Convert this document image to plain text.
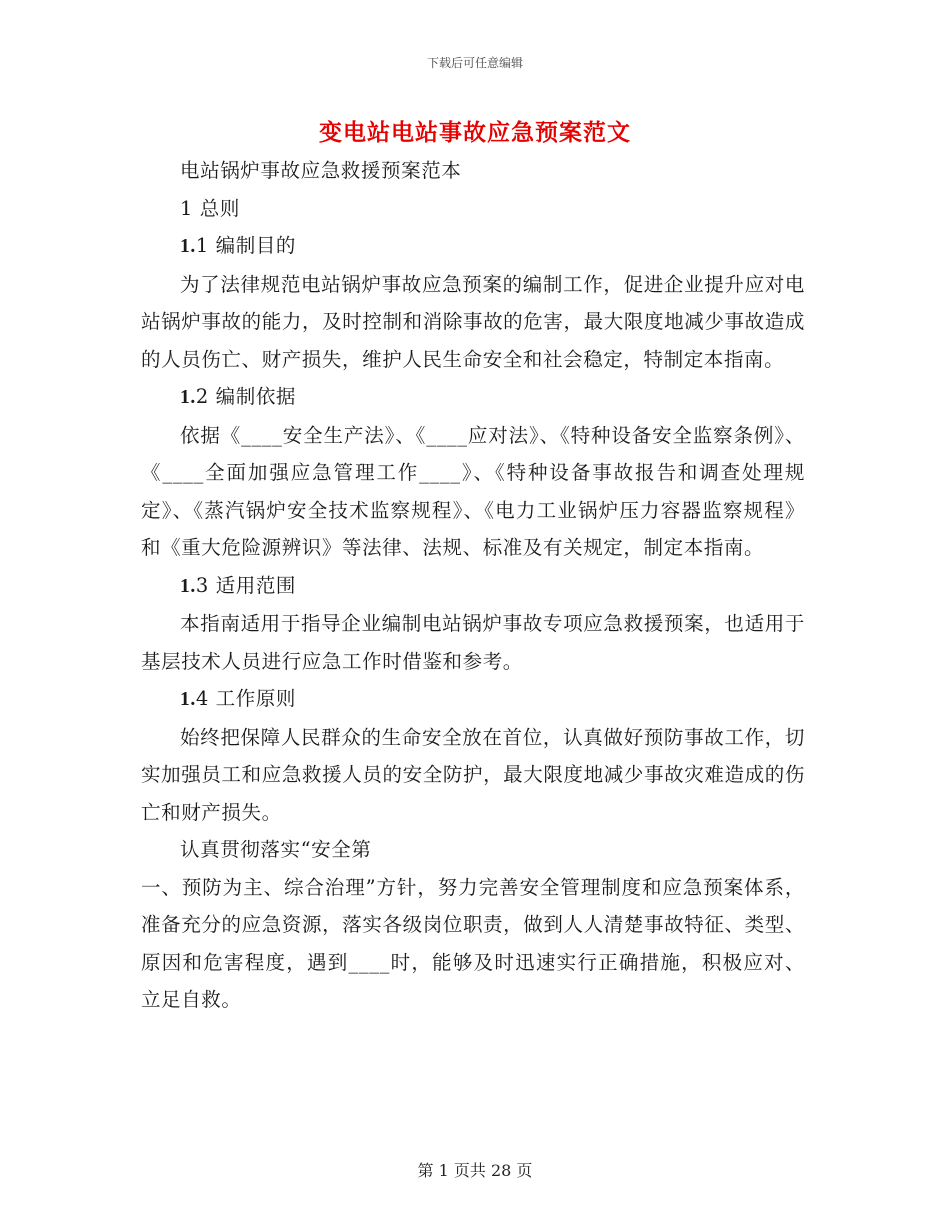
下载后可任意编辑
变电站电站事故应急预案范文

电站锅炉事故应急救援预案范本

1 总则

1.1 编制目的

为了法律规范电站锅炉事故应急预案的编制工作，促进企业提升应对电站锅炉事故的能力，及时控制和消除事故的危害，最大限度地减少事故造成的人员伤亡、财产损失，维护人民生命安全和社会稳定，特制定本指南。

1.2 编制依据

依据《____安全生产法》、《____应对法》、《特种设备安全监察条例》、《____全面加强应急管理工作____》、《特种设备事故报告和调查处理规定》、《蒸汽锅炉安全技术监察规程》、《电力工业锅炉压力容器监察规程》和《重大危险源辨识》等法律、法规、标准及有关规定，制定本指南。

1.3 适用范围

本指南适用于指导企业编制电站锅炉事故专项应急救援预案，也适用于基层技术人员进行应急工作时借鉴和参考。

1.4 工作原则

始终把保障人民群众的生命安全放在首位，认真做好预防事故工作，切实加强员工和应急救援人员的安全防护，最大限度地减少事故灾难造成的伤亡和财产损失。

认真贯彻落实“安全第

一、预防为主、综合治理”方针，努力完善安全管理制度和应急预案体系，准备充分的应急资源，落实各级岗位职责，做到人人清楚事故特征、类型、原因和危害程度，遇到____时，能够及时迅速实行正确措施，积极应对、立足自救。

第 1 页共 28 页
